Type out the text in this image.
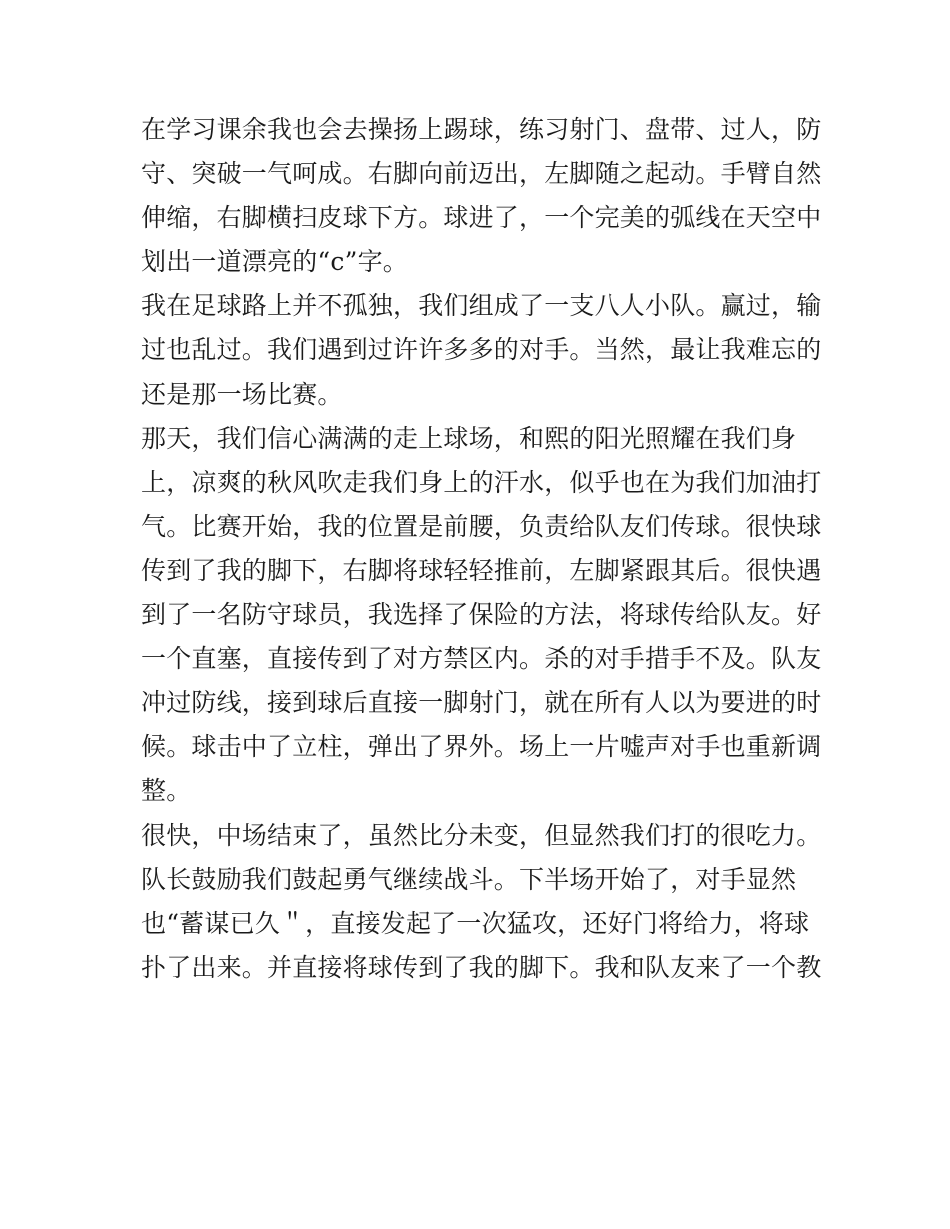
在学习课余我也会去操扬上踢球，练习射门、盘带、过人，防
守、突破一气呵成。右脚向前迈出，左脚随之起动。手臂自然
伸缩，右脚横扫皮球下方。球进了，一个完美的弧线在天空中
划出一道漂亮的“c”字。
我在足球路上并不孤独，我们组成了一支八人小队。赢过，输
过也乱过。我们遇到过许许多多的对手。当然，最让我难忘的
还是那一场比赛。
那天，我们信心满满的走上球场，和熙的阳光照耀在我们身
上，凉爽的秋风吹走我们身上的汗水，似乎也在为我们加油打
气。比赛开始，我的位置是前腰，负责给队友们传球。很快球
传到了我的脚下，右脚将球轻轻推前，左脚紧跟其后。很快遇
到了一名防守球员，我选择了保险的方法，将球传给队友。好
一个直塞，直接传到了对方禁区内。杀的对手措手不及。队友
冲过防线，接到球后直接一脚射门，就在所有人以为要进的时
候。球击中了立柱，弹出了界外。场上一片嘘声对手也重新调
整。
很快，中场结束了，虽然比分未变，但显然我们打的很吃力。
队长鼓励我们鼓起勇气继续战斗。下半场开始了，对手显然
也“蓄谋已久＂，直接发起了一次猛攻，还好门将给力，将球
扑了出来。并直接将球传到了我的脚下。我和队友来了一个教
